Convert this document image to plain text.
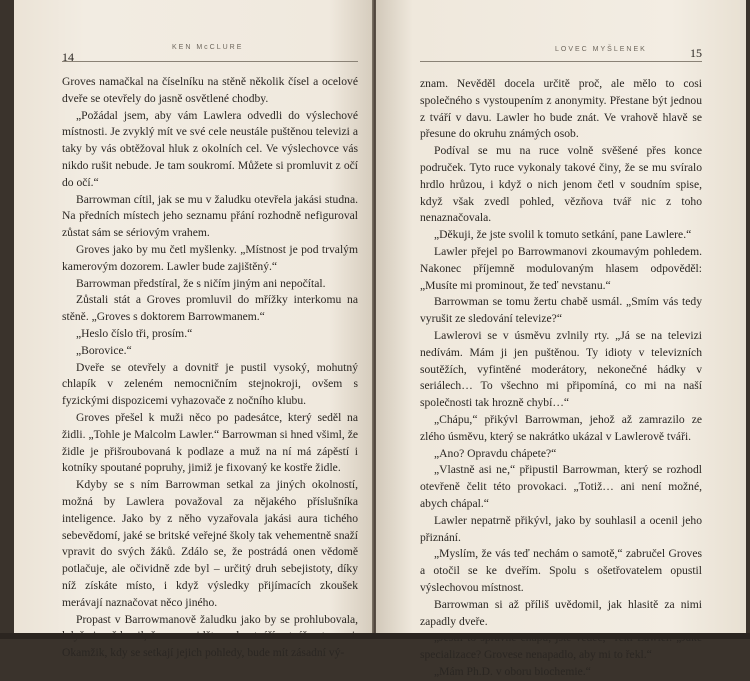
14
KEN McCLURE

Groves namačkal na číselníku na stěně několik čísel a ocelové dveře se otevřely do jasně osvětlené chodby.

„Požádal jsem, aby vám Lawlera odvedli do výslechové místnosti. Je zvyklý mít ve své cele neustále puštěnou televizi a taky by vás obtěžoval hluk z okolních cel. Ve výslechovce vás nikdo rušit nebude. Je tam soukromí. Můžete si promluvit z očí do očí.“

Barrowman cítil, jak se mu v žaludku otevřela jakási studna. Na předních místech jeho seznamu přání rozhodně nefiguroval zůstat sám se sériovým vrahem.

Groves jako by mu četl myšlenky. „Místnost je pod trvalým kamerovým dozorem. Lawler bude zajištěný.“

Barrowman předstíral, že s ničím jiným ani nepočítal.

Zůstali stát a Groves promluvil do mřížky interkomu na stěně. „Groves s doktorem Barrowmanem.“

„Heslo číslo tři, prosím.“

„Borovice.“

Dveře se otevřely a dovnitř je pustil vysoký, mohutný chlapík v zeleném nemocničním stejnokroji, ovšem s fyzickými dispozicemi vyhazovače z nočního klubu.

Groves přešel k muži něco po padesátce, který seděl na židli. „Tohle je Malcolm Lawler.“ Barrowman si hned všiml, že židle je přišroubovaná k podlaze a muž na ní má zápěstí i kotníky spoutané popruhy, jimiž je fixovaný ke kostře židle.

Kdyby se s ním Barrowman setkal za jiných okolností, možná by Lawlera považoval za nějakého příslušníka inteligence. Jako by z něho vyzařovala jakási aura tichého sebevědomí, jaké se britské veřejné školy tak vehementně snaží vpravit do svých žáků. Zdálo se, že postrádá onen vědomě potlačuje, ale očividně zde byl – určitý druh sebejistoty, díky níž získáte místo, i když výsledky přijímacích zkoušek merávají naznačovat něco jiného.

Propast v Barrowmanově žaludku jako by se prohlubovala, Okamžik, kdy se setkají jejich pohledy, bude mít zásadní vý-

LOVEC MYŠLENEK	15

znam. Nevěděl docela určitě proč, ale mělo to cosi společného s vystoupením z anonymity. Přestane být jednou z tváří v davu. Lawler ho bude znát. Ve vrahově hlavě se přesune do okruhu známých osob.

Podíval se mu na ruce volně svěšené přes konce područek. Tyto ruce vykonaly takové činy, že se mu svíralo hrdlo hrůzou, i když o nich jenom četl v soudním spise, když však zvedl pohled, vězňova tvář nic z toho nenaznačovala.

„Děkuji, že jste svolil k tomuto setkání, pane Lawlere.“

Lawler přejel po Barrowmanovi zkoumavým pohledem. Nakonec příjemně modulovaným hlasem odpověděl: „Musíte mi prominout, že teď nevstanu.“

Barrowman se tomu žertu chabě usmál. „Smím vás tedy vyrušit ze sledování televize?“

Lawlerovi se v úsměvu zvlnily rty. „Já se na televizi nedívám. Mám ji jen puštěnou. Ty idioty v televizních soutěžích, vyfintěné moderátory, nekonečné hádky v seriálech… To všechno mi připomíná, co mi na naší společnosti tak hrozně chybí…“

„Chápu,“ přikývl Barrowman, jehož až zamrazilo ze zlého úsměvu, který se nakrátko ukázal v Lawlerově tváři.

„Ano? Opravdu chápete?“

„Vlastně asi ne,“ připustil Barrowman, který se rozhodl otevřeně čelit této provokaci. „Totiž… ani není možné, abych chápal.“

Lawler nepatrně přikývl, jako by souhlasil a ocenil jeho přiznání.

„Myslím, že vás teď nechám o samotě,“ zabručel Groves a otočil se ke dveřím. Spolu s ošetřovatelem opustil výslechovou místnost.

Barrowman si až příliš uvědomil, jak hlasitě za nimi zapadly dveře.

specializace? Grovese nenapadlo, aby mi to řekl.“

„Mám Ph.D. v oboru biochemie.“
